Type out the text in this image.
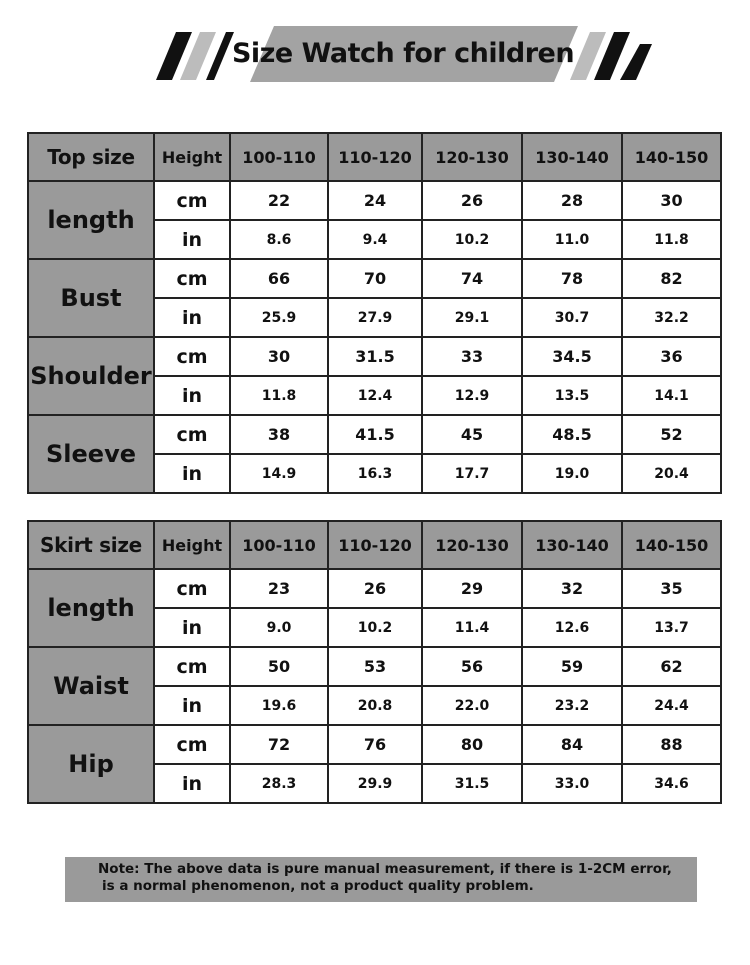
Size Watch for children
Top size	Height	100-110	110-120	120-130	130-140	140-150
length	cm	22	24	26	28	30
	in	8.6	9.4	10.2	11.0	11.8
Bust	cm	66	70	74	78	82
	in	25.9	27.9	29.1	30.7	32.2
Shoulder	cm	30	31.5	33	34.5	36
	in	11.8	12.4	12.9	13.5	14.1
Sleeve	cm	38	41.5	45	48.5	52
	in	14.9	16.3	17.7	19.0	20.4
Skirt size	Height	100-110	110-120	120-130	130-140	140-150
length	cm	23	26	29	32	35
	in	9.0	10.2	11.4	12.6	13.7
Waist	cm	50	53	56	59	62
	in	19.6	20.8	22.0	23.2	24.4
Hip	cm	72	76	80	84	88
	in	28.3	29.9	31.5	33.0	34.6
Note: The above data is pure manual measurement, if there is 1-2CM error,
is a normal phenomenon, not a product quality problem.
